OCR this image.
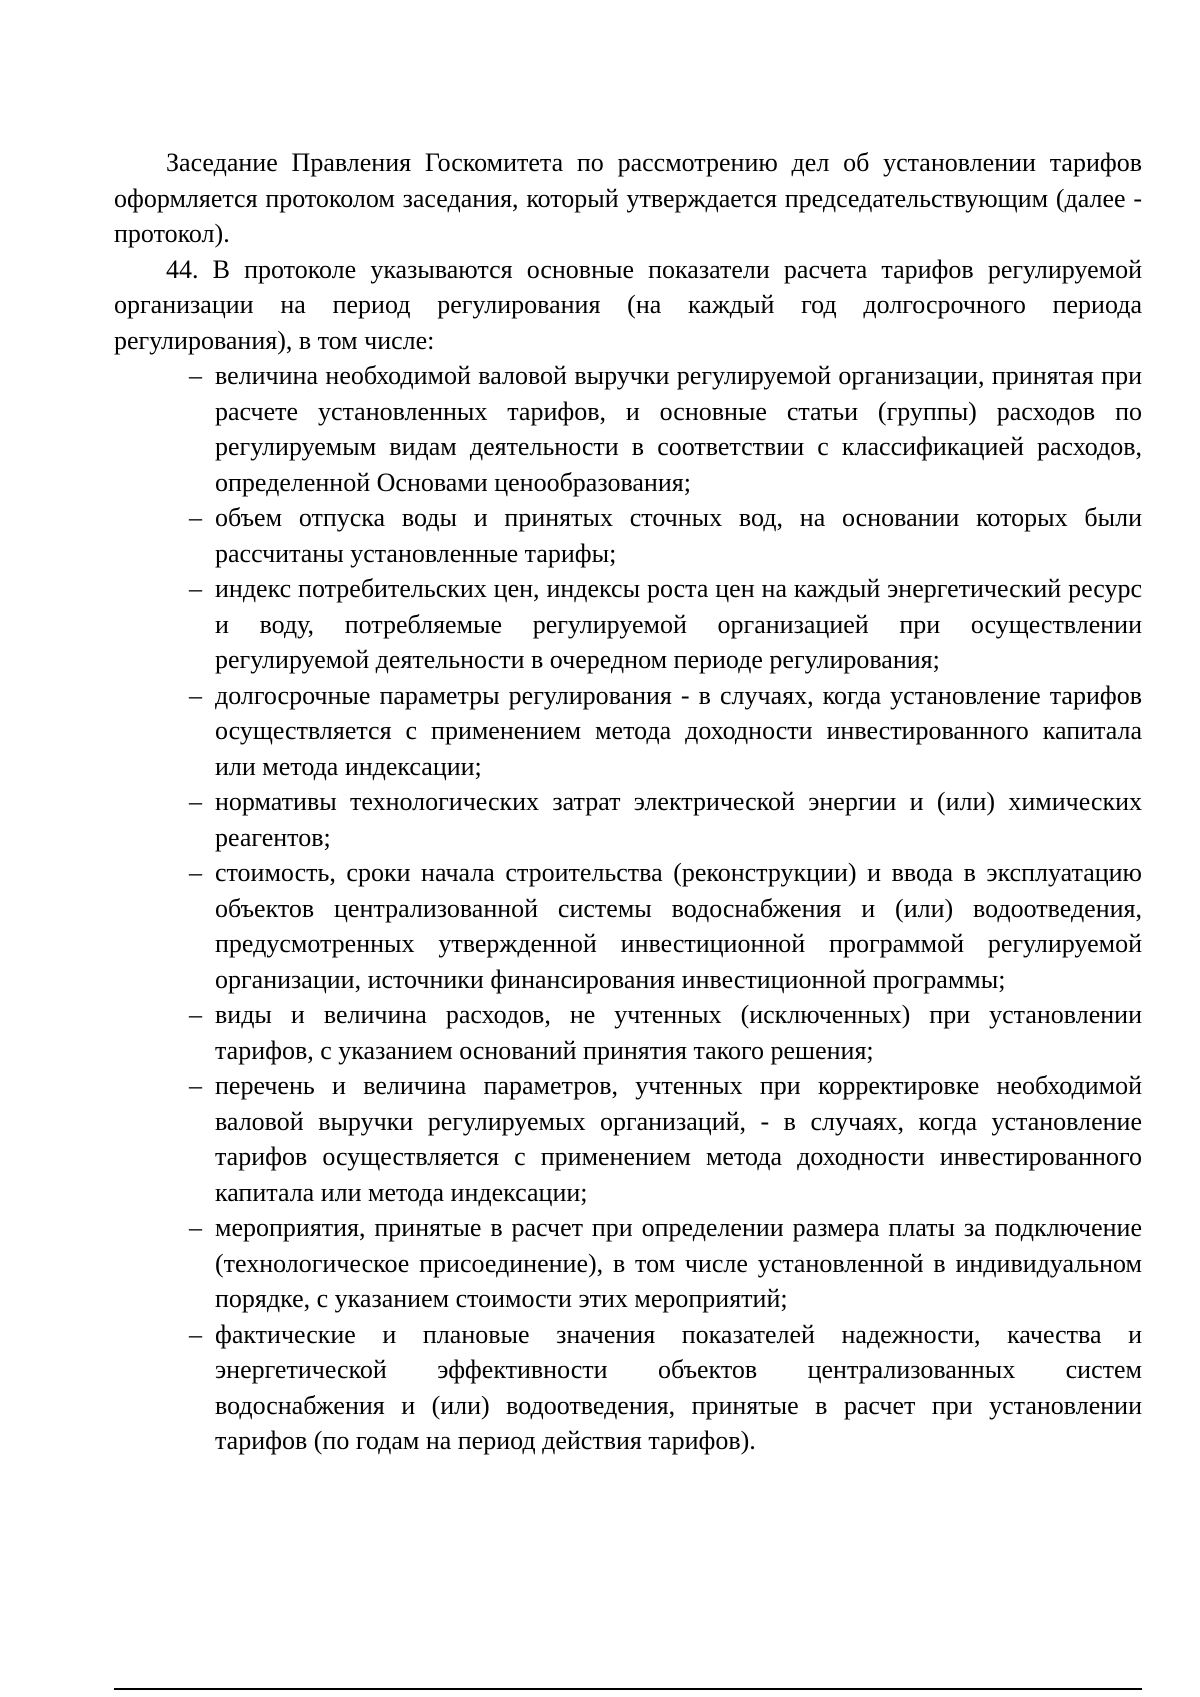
Заседание Правления Госкомитета по рассмотрению дел об установлении тарифов оформляется протоколом заседания, который утверждается председательствующим (далее - протокол).

44. В протоколе указываются основные показатели расчета тарифов регулируемой организации на период регулирования (на каждый год долгосрочного периода регулирования), в том числе:

– величина необходимой валовой выручки регулируемой организации, принятая при расчете установленных тарифов, и основные статьи (группы) расходов по регулируемым видам деятельности в соответствии с классификацией расходов, определенной Основами ценообразования;
– объем отпуска воды и принятых сточных вод, на основании которых были рассчитаны установленные тарифы;
– индекс потребительских цен, индексы роста цен на каждый энергетический ресурс и воду, потребляемые регулируемой организацией при осуществлении регулируемой деятельности в очередном периоде регулирования;
– долгосрочные параметры регулирования - в случаях, когда установление тарифов осуществляется с применением метода доходности инвестированного капитала или метода индексации;
– нормативы технологических затрат электрической энергии и (или) химических реагентов;
– стоимость, сроки начала строительства (реконструкции) и ввода в эксплуатацию объектов централизованной системы водоснабжения и (или) водоотведения, предусмотренных утвержденной инвестиционной программой регулируемой организации, источники финансирования инвестиционной программы;
– виды и величина расходов, не учтенных (исключенных) при установлении тарифов, с указанием оснований принятия такого решения;
– перечень и величина параметров, учтенных при корректировке необходимой валовой выручки регулируемых организаций, - в случаях, когда установление тарифов осуществляется с применением метода доходности инвестированного капитала или метода индексации;
– мероприятия, принятые в расчет при определении размера платы за подключение (технологическое присоединение), в том числе установленной в индивидуальном порядке, с указанием стоимости этих мероприятий;
– фактические и плановые значения показателей надежности, качества и энергетической эффективности объектов централизованных систем водоснабжения и (или) водоотведения, принятые в расчет при установлении тарифов (по годам на период действия тарифов).
